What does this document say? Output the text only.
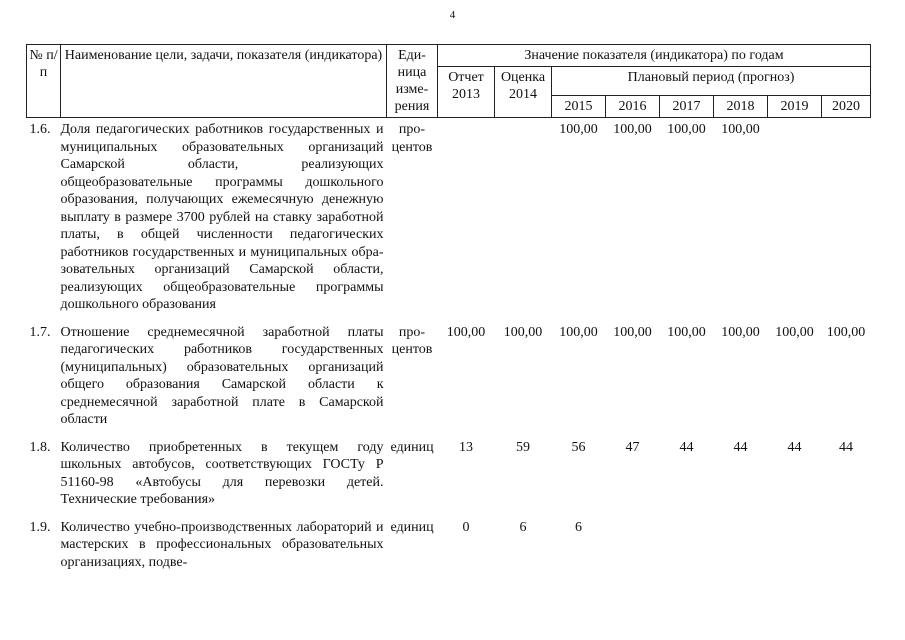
4
№ п/п	Наименование цели, задачи, показателя (индикатора)	Единица измерения	Значение показателя (индикатора) по годам							
			Отчет 2013	Оценка 2014	Плановый период (прогноз)					
					2015	2016	2017	2018	2019	2020
1.6.	Доля педагогических работников государственных и муниципальных образовательных организаций Самарской области, реализующих общеобразовательные программы дошкольного образования, получающих ежемесячную денежную выплату в размере 3700 рублей на ставку заработной платы, в общей численности педагогических работников государственных и муниципальных образовательных организаций Самарской области, реализующих общеобразовательные программы дошкольного образования	процентов			100,00	100,00	100,00	100,00		
1.7.	Отношение среднемесячной заработной платы педагогических работников государственных (муниципальных) образовательных организаций общего образования Самарской области к среднемесячной заработной плате в Самарской области	процентов	100,00	100,00	100,00	100,00	100,00	100,00	100,00	100,00
1.8.	Количество приобретенных в текущем году школьных автобусов, соответствующих ГОСТу Р 51160-98 «Автобусы для перевозки детей. Технические требования»	единиц	13	59	56	47	44	44	44	44
1.9.	Количество учебно-производственных лабораторий и мастерских в профессиональных образовательных организациях, подве-	единиц	0	6	6					
